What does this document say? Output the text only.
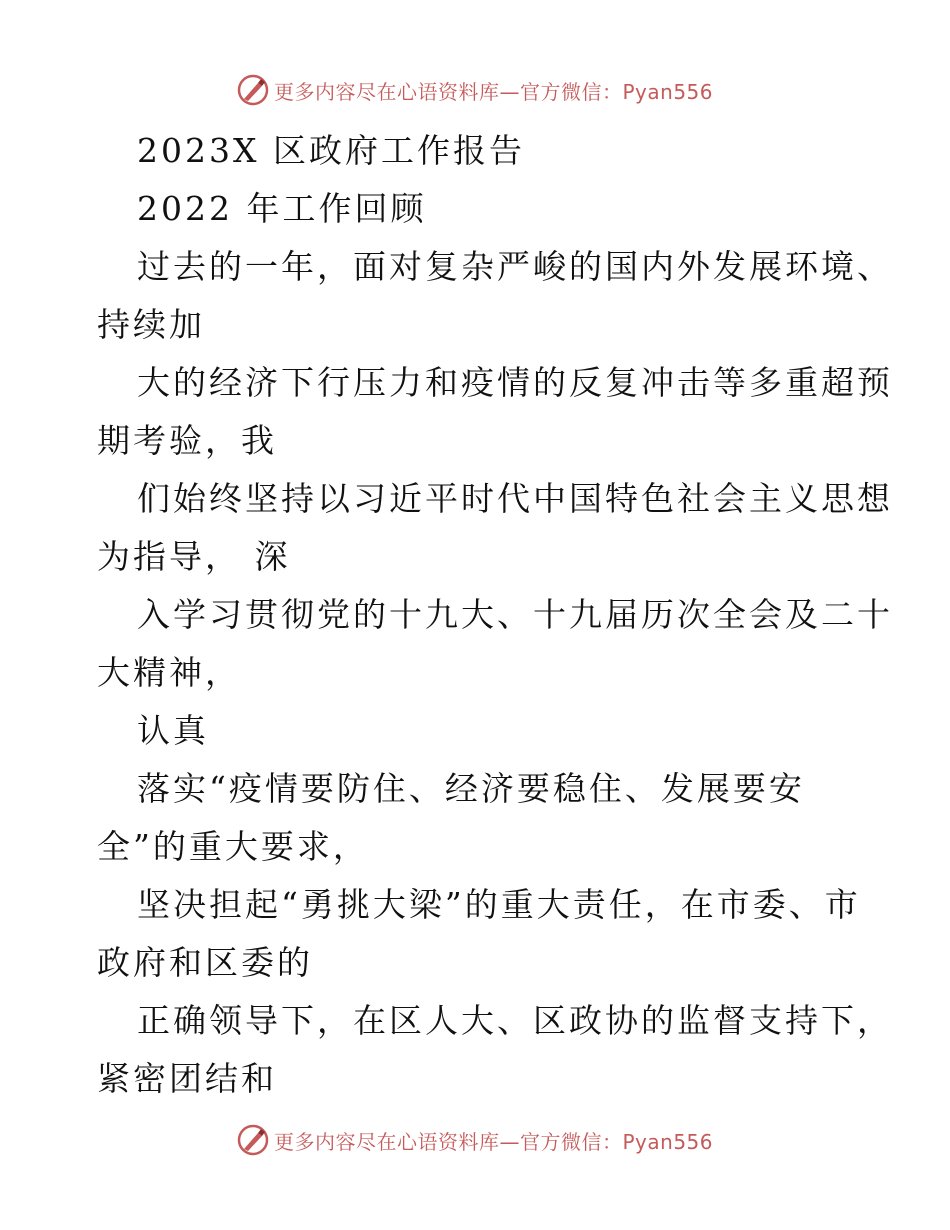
更多内容尽在心语资料库—官方微信：Pyan556
2023X 区政府工作报告
2022 年工作回顾
过去的一年，面对复杂严峻的国内外发展环境、
持续加
大的经济下行压力和疫情的反复冲击等多重超预
期考验，我
们始终坚持以习近平时代中国特色社会主义思想
为指导， 深
入学习贯彻党的十九大、十九届历次全会及二十
大精神，
认真
落实“疫情要防住、经济要稳住、发展要安
全”的重大要求，
坚决担起“勇挑大梁”的重大责任，在市委、市
政府和区委的
正确领导下，在区人大、区政协的监督支持下，
紧密团结和
更多内容尽在心语资料库—官方微信：Pyan556
